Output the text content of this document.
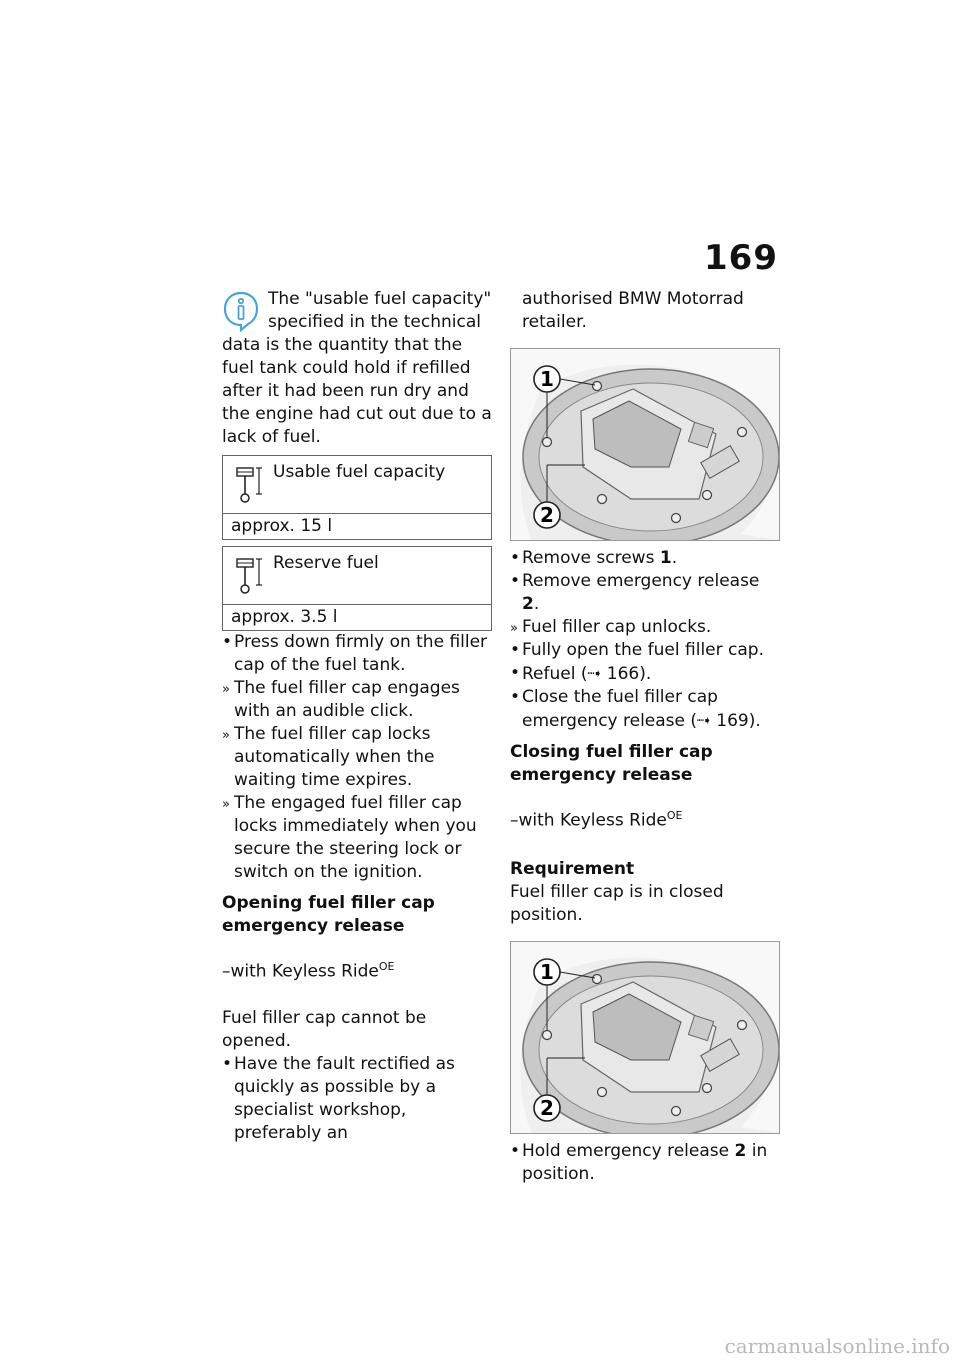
169

The "usable fuel capacity"

specified in the technical

data is the quantity that the fuel tank could hold if refilled after it had been run dry and the engine had cut out due to a lack of fuel.

Usable fuel capacity
approx. 15 l
Reserve fuel
approx. 3.5 l
• Press down firmly on the filler cap of the fuel tank.
» The fuel filler cap engages with an audible click.
» The fuel filler cap locks automatically when the waiting time expires.
» The engaged fuel filler cap locks immediately when you secure the steering lock or switch on the ignition.

Opening fuel filler cap
emergency release

–with Keyless Ride$^{OE}$

Fuel filler cap cannot be opened.

• Have the fault rectified as quickly as possible by a specialist workshop, preferably an

authorised BMW Motorrad retailer.

1
2
• Remove screws 1.
• Remove emergency release 2.
» Fuel filler cap unlocks.
• Fully open the fuel filler cap.
• Refuel (┉➧ 166).
• Close the fuel filler cap emergency release (┉➧ 169).

Closing fuel filler cap
emergency release

–with Keyless Ride$^{OE}$

Requirement

Fuel filler cap is in closed position.

1
2
• Hold emergency release 2 in position.
carmanualsonline.info
